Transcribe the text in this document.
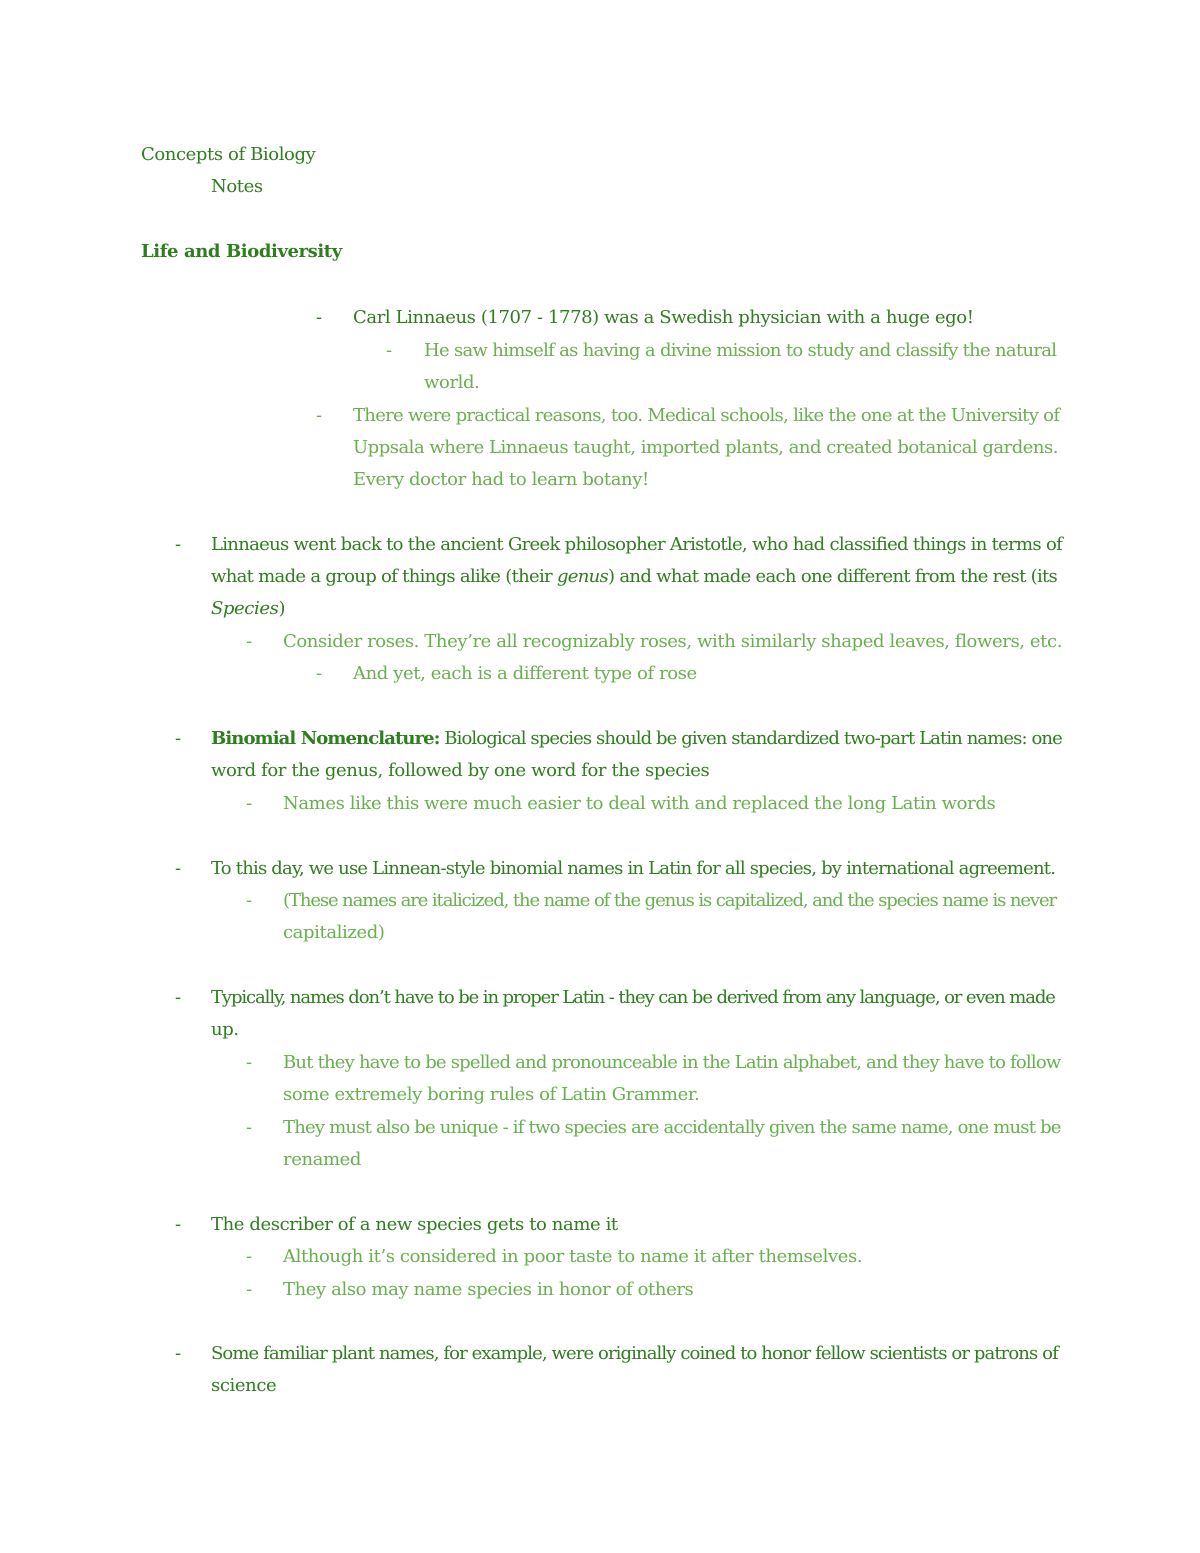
Concepts of Biology
Notes
Life and Biodiversity
- Carl Linnaeus (1707 - 1778) was a Swedish physician with a huge ego!
- He saw himself as having a divine mission to study and classify the natural
world.
- There were practical reasons, too. Medical schools, like the one at the University of
Uppsala where Linnaeus taught, imported plants, and created botanical gardens.
Every doctor had to learn botany!
- Linnaeus went back to the ancient Greek philosopher Aristotle, who had classified things in terms of
what made a group of things alike (their genus) and what made each one different from the rest (its
Species)
- Consider roses. They’re all recognizably roses, with similarly shaped leaves, flowers, etc.
- And yet, each is a different type of rose
- Binomial Nomenclature: Biological species should be given standardized two-part Latin names: one
word for the genus, followed by one word for the species
- Names like this were much easier to deal with and replaced the long Latin words
- To this day, we use Linnean-style binomial names in Latin for all species, by international agreement.
- (These names are italicized, the name of the genus is capitalized, and the species name is never
capitalized)
- Typically, names don’t have to be in proper Latin - they can be derived from any language, or even made
up.
- But they have to be spelled and pronounceable in the Latin alphabet, and they have to follow
some extremely boring rules of Latin Grammer.
- They must also be unique - if two species are accidentally given the same name, one must be
renamed
- The describer of a new species gets to name it
- Although it’s considered in poor taste to name it after themselves.
- They also may name species in honor of others
- Some familiar plant names, for example, were originally coined to honor fellow scientists or patrons of
science
